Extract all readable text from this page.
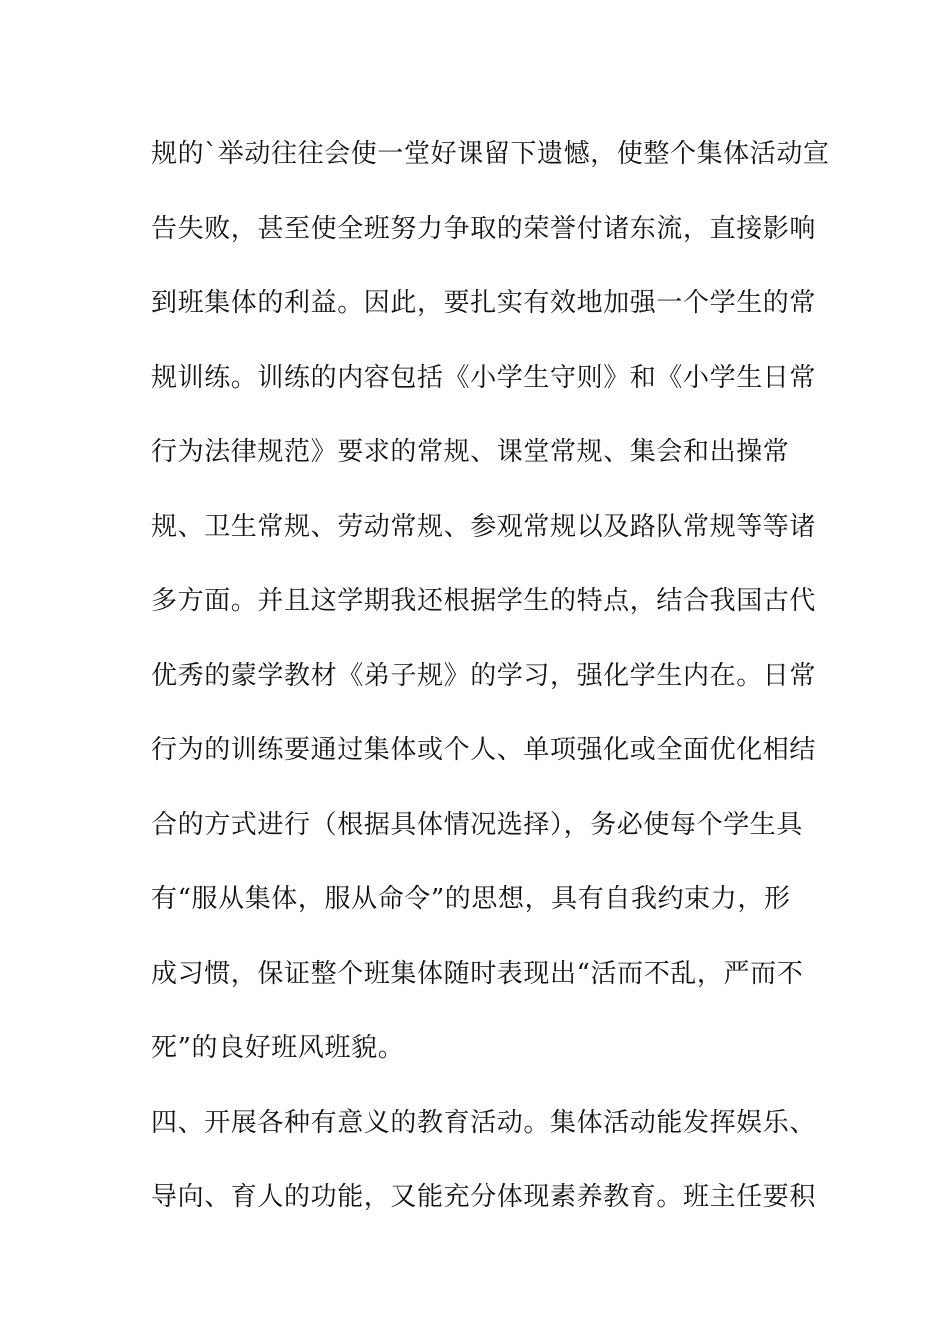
规的`举动往往会使一堂好课留下遗憾，使整个集体活动宣
告失败，甚至使全班努力争取的荣誉付诸东流，直接影响
到班集体的利益。因此，要扎实有效地加强一个学生的常
规训练。训练的内容包括《小学生守则》和《小学生日常
行为法律规范》要求的常规、课堂常规、集会和出操常
规、卫生常规、劳动常规、参观常规以及路队常规等等诸
多方面。并且这学期我还根据学生的特点，结合我国古代
优秀的蒙学教材《弟子规》的学习，强化学生内在。日常
行为的训练要通过集体或个人、单项强化或全面优化相结
合的方式进行（根据具体情况选择），务必使每个学生具
有“服从集体，服从命令”的思想，具有自我约束力，形
成习惯，保证整个班集体随时表现出“活而不乱，严而不
死”的良好班风班貌。
四、开展各种有意义的教育活动。集体活动能发挥娱乐、
导向、育人的功能，又能充分体现素养教育。班主任要积
